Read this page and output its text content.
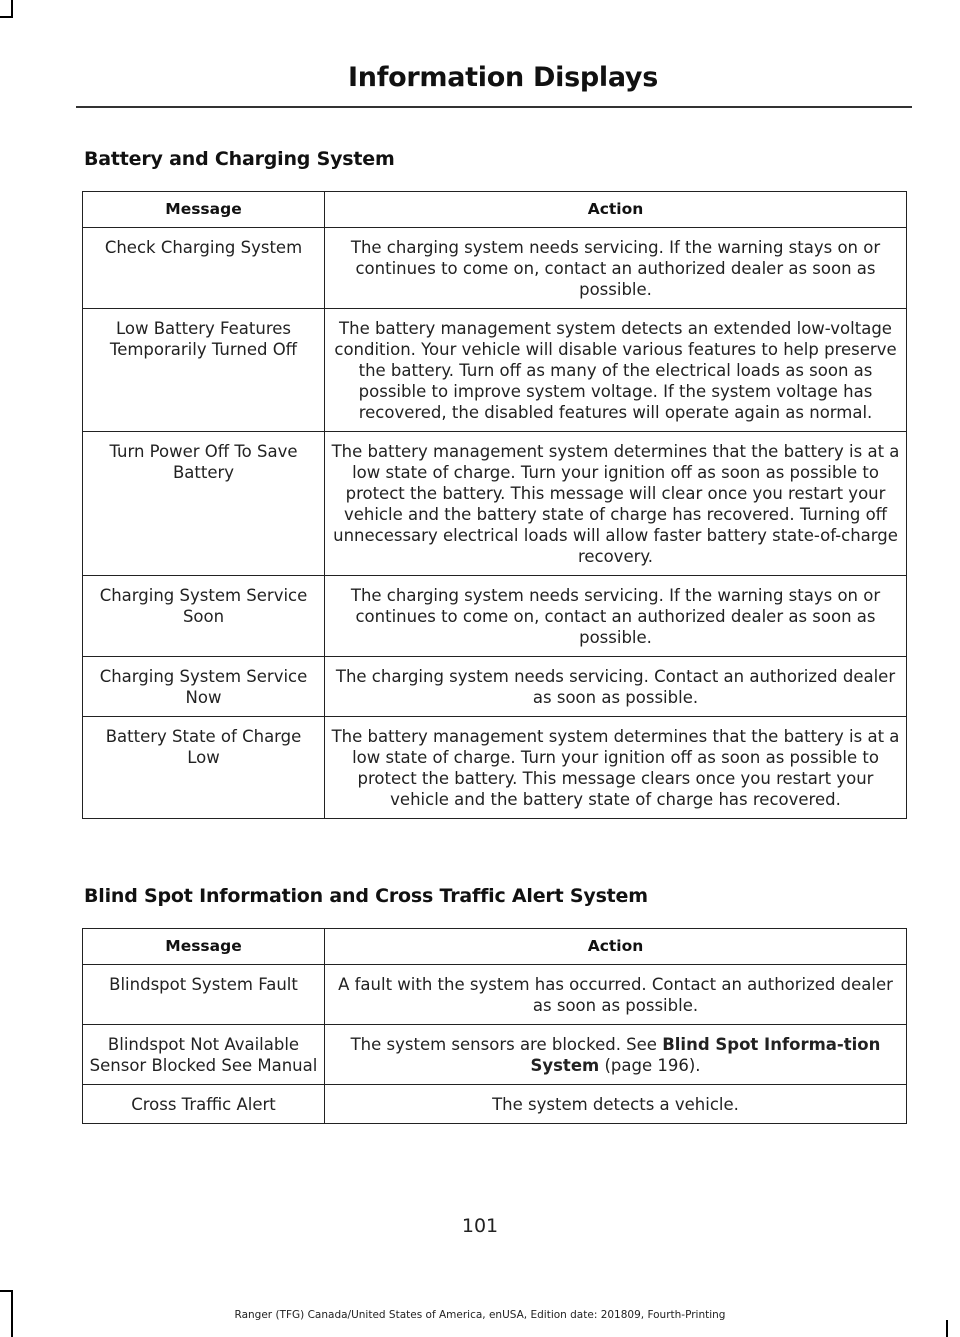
Information Displays
Battery and Charging System
Message	Action
Check Charging System	The charging system needs servicing. If the warning stays on or continues to come on, contact an authorized dealer as soon as possible.
Low Battery Features Temporarily Turned Off	The battery management system detects an extended low-voltage condition. Your vehicle will disable various features to help preserve the battery. Turn off as many of the electrical loads as soon as possible to improve system voltage. If the system voltage has recovered, the disabled features will operate again as normal.
Turn Power Off To Save Battery	The battery management system determines that the battery is at a low state of charge. Turn your ignition off as soon as possible to protect the battery. This message will clear once you restart your vehicle and the battery state of charge has recovered. Turning off unnecessary electrical loads will allow faster battery state-of-charge recovery.
Charging System Service Soon	The charging system needs servicing. If the warning stays on or continues to come on, contact an authorized dealer as soon as possible.
Charging System Service Now	The charging system needs servicing. Contact an authorized dealer as soon as possible.
Battery State of Charge Low	The battery management system determines that the battery is at a low state of charge. Turn your ignition off as soon as possible to protect the battery. This message clears once you restart your vehicle and the battery state of charge has recovered.
Blind Spot Information and Cross Traffic Alert System
Message	Action
Blindspot System Fault	A fault with the system has occurred. Contact an authorized dealer as soon as possible.
Blindspot Not Available Sensor Blocked See Manual	The system sensors are blocked. See Blind Spot Informa-tion System (page 196).
Cross Traffic Alert	The system detects a vehicle.
101
Ranger (TFG) Canada/United States of America, enUSA, Edition date: 201809, Fourth-Printing
